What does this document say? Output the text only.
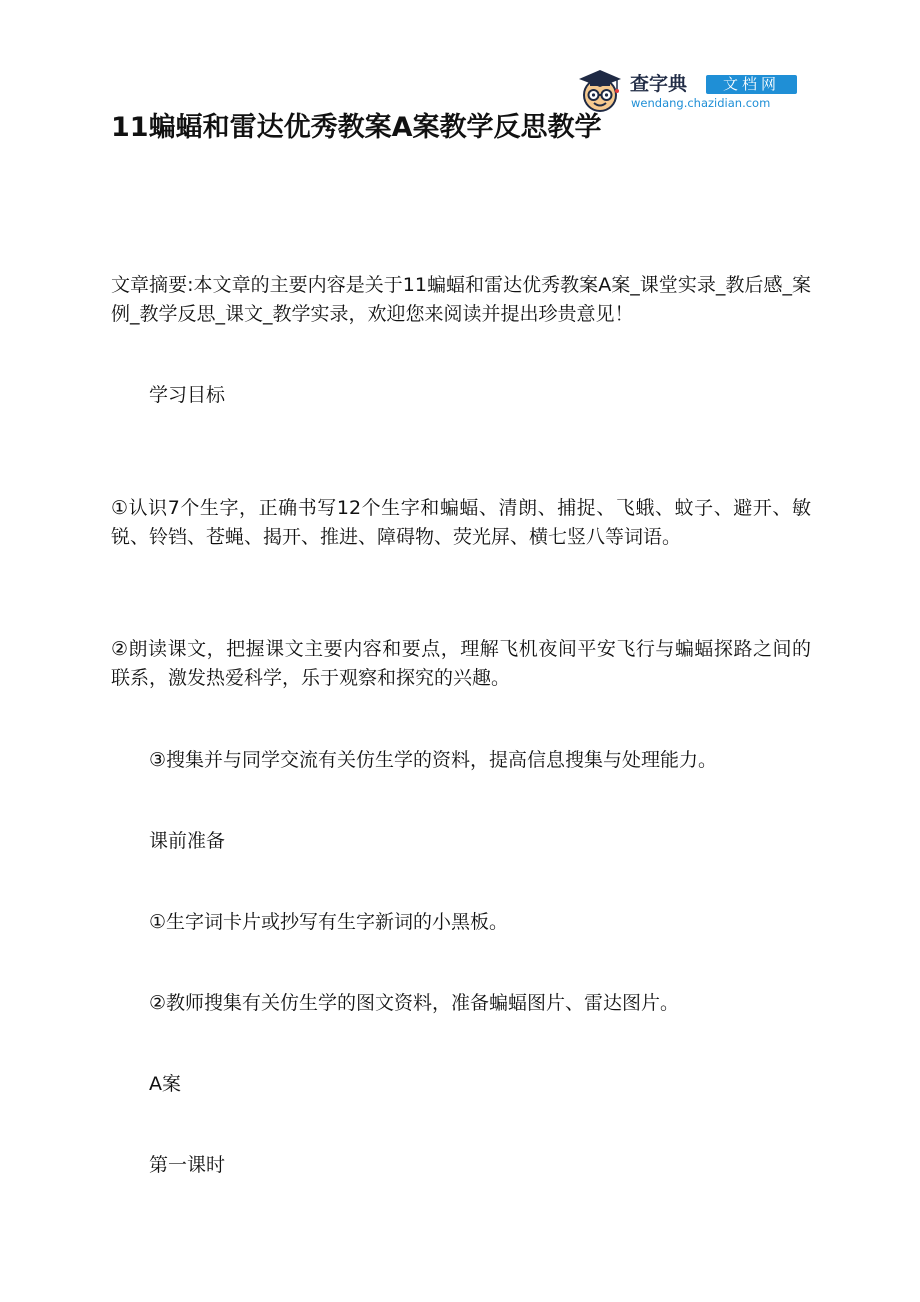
查字典	文档网
wendang.chazidian.com
11蝙蝠和雷达优秀教案A案教学反思教学

文章摘要:本文章的主要内容是关于11蝙蝠和雷达优秀教案A案_课堂实录_教后感_案例_教学反思_课文_教学实录，欢迎您来阅读并提出珍贵意见！

学习目标

①认识7个生字，正确书写12个生字和蝙蝠、清朗、捕捉、飞蛾、蚊子、避开、敏锐、铃铛、苍蝇、揭开、推进、障碍物、荧光屏、横七竖八等词语。

②朗读课文，把握课文主要内容和要点，理解飞机夜间平安飞行与蝙蝠探路之间的联系，激发热爱科学，乐于观察和探究的兴趣。

③搜集并与同学交流有关仿生学的资料，提高信息搜集与处理能力。

课前准备

①生字词卡片或抄写有生字新词的小黑板。

②教师搜集有关仿生学的图文资料，准备蝙蝠图片、雷达图片。

A案

第一课时
